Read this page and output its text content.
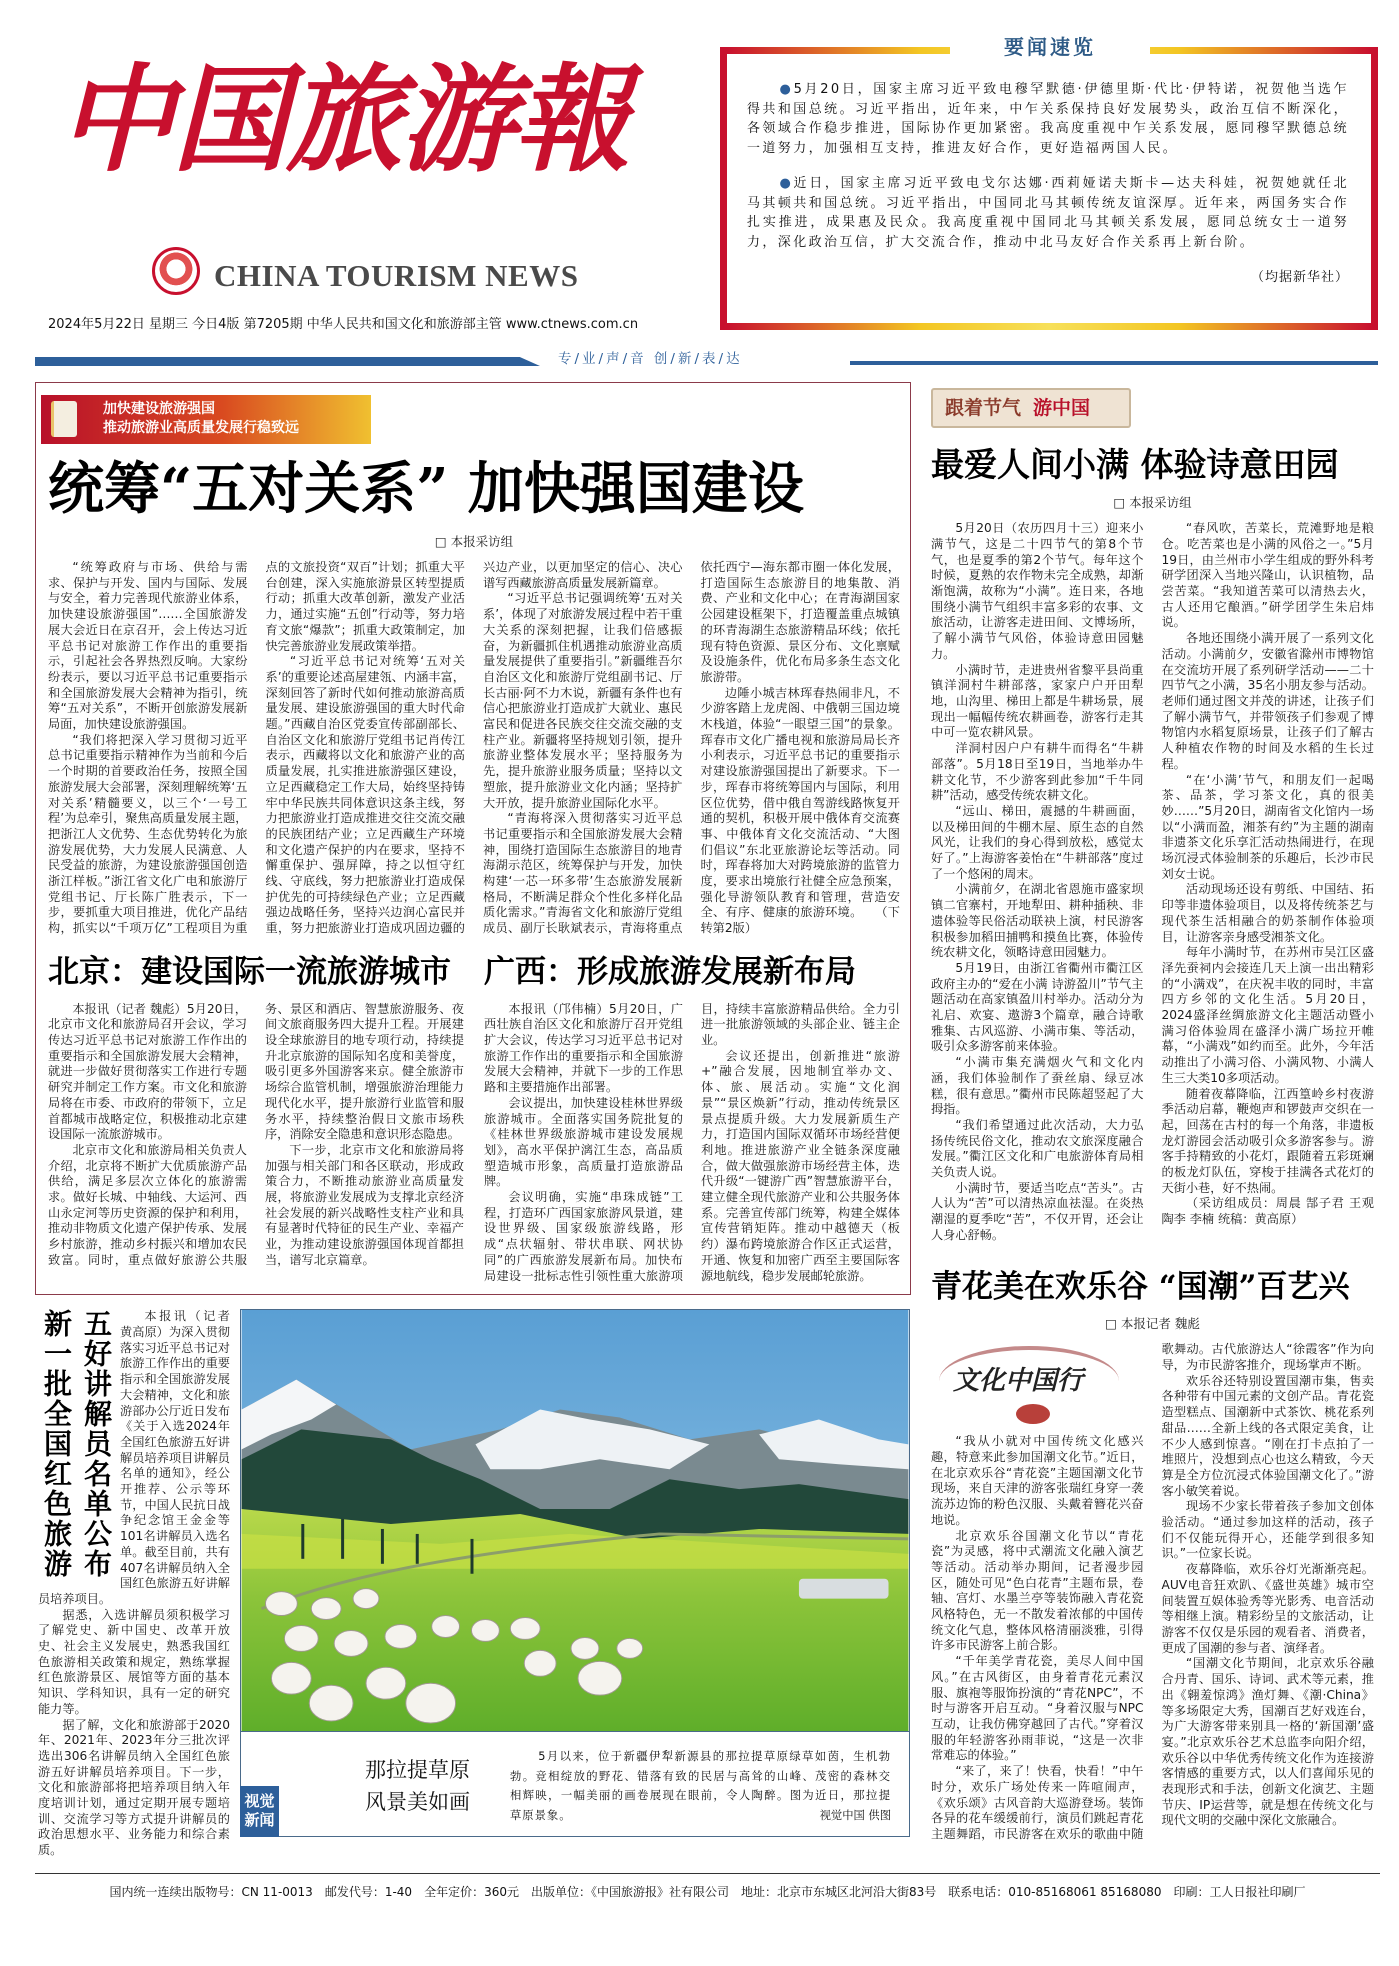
中国旅游報
CHINA TOURISM NEWS
2024年5月22日 星期三 今日4版 第7205期 中华人民共和国文化和旅游部主管 www.ctnews.com.cn

●5月20日，国家主席习近平致电穆罕默德·伊德里斯·代比·伊特诺，祝贺他当选乍得共和国总统。习近平指出，近年来，中乍关系保持良好发展势头，政治互信不断深化，各领域合作稳步推进，国际协作更加紧密。我高度重视中乍关系发展，愿同穆罕默德总统一道努力，加强相互支持，推进友好合作，更好造福两国人民。

●近日，国家主席习近平致电戈尔达娜·西莉娅诺夫斯卡—达夫科娃，祝贺她就任北马其顿共和国总统。习近平指出，中国同北马其顿传统友谊深厚。近年来，两国务实合作扎实推进，成果惠及民众。我高度重视中国同北马其顿关系发展，愿同总统女士一道努力，深化政治互信，扩大交流合作，推动中北马友好合作关系再上新台阶。

（均据新华社）
要闻速览
专/业/声/音 创/新/表/达
加快建设旅游强国
推动旅游业高质量发展行稳致远
统筹“五对关系” 加快强国建设
□ 本报采访组

“统筹政府与市场、供给与需求、保护与开发、国内与国际、发展与安全，着力完善现代旅游业体系，加快建设旅游强国”……全国旅游发展大会近日在京召开，会上传达习近平总书记对旅游工作作出的重要指示，引起社会各界热烈反响。大家纷纷表示，要以习近平总书记重要指示和全国旅游发展大会精神为指引，统筹“五对关系”，不断开创旅游发展新局面，加快建设旅游强国。

“我们将把深入学习贯彻习近平总书记重要指示精神作为当前和今后一个时期的首要政治任务，按照全国旅游发展大会部署，深刻理解统筹‘五对关系’精髓要义，以三个‘一号工程’为总牵引，聚焦高质量发展主题，把浙江人文优势、生态优势转化为旅游发展优势，大力发展人民满意、人民受益的旅游，为建设旅游强国创造浙江样板。”浙江省文化广电和旅游厅党组书记、厅长陈广胜表示，下一步，要抓重大项目推进，优化产品结构，抓实以“千项万亿”工程项目为重点的文旅投资“双百”计划；抓重大平台创建，深入实施旅游景区转型提质行动；抓重大改革创新，激发产业活力，通过实施“五创”行动等，努力培育文旅“爆款”；抓重大政策制定，加快完善旅游业发展政策举措。

“习近平总书记对统筹‘五对关系’的重要论述高屋建瓴、内涵丰富，深刻回答了新时代如何推动旅游高质量发展、建设旅游强国的重大时代命题。”西藏自治区党委宣传部副部长、自治区文化和旅游厅党组书记肖传江表示，西藏将以文化和旅游产业的高质量发展，扎实推进旅游强区建设，立足西藏稳定工作大局，始终坚持铸牢中华民族共同体意识这条主线，努力把旅游业打造成推进交往交流交融的民族团结产业；立足西藏生产环境和文化遗产保护的内在要求，坚持不懈重保护、强屏障，持之以恒守红线、守底线，努力把旅游业打造成保护优先的可持续绿色产业；立足西藏强边战略任务，坚持兴边润心富民并重，努力把旅游业打造成巩固边疆的兴边产业，以更加坚定的信心、决心谱写西藏旅游高质量发展新篇章。

“习近平总书记强调统筹‘五对关系’，体现了对旅游发展过程中若干重大关系的深刻把握，让我们倍感振奋，为新疆抓住机遇推动旅游业高质量发展提供了重要指引。”新疆维吾尔自治区文化和旅游厅党组副书记、厅长古丽·阿不力木说，新疆有条件也有信心把旅游业打造成扩大就业、惠民富民和促进各民族交往交流交融的支柱产业。新疆将坚持规划引领，提升旅游业整体发展水平；坚持服务为先，提升旅游业服务质量；坚持以文塑旅，提升旅游业文化内涵；坚持扩大开放，提升旅游业国际化水平。

“青海将深入贯彻落实习近平总书记重要指示和全国旅游发展大会精神，围绕打造国际生态旅游目的地青海湖示范区，统筹保护与开发，加快构建‘一芯一环多带’生态旅游发展新格局，不断满足群众个性化多样化品质化需求。”青海省文化和旅游厅党组成员、副厅长耿斌表示，青海将重点依托西宁—海东都市圈一体化发展，打造国际生态旅游目的地集散、消费、产业和文化中心；在青海湖国家公园建设框架下，打造覆盖重点城镇的环青海湖生态旅游精品环线；依托现有特色资源、景区分布、文化禀赋及设施条件，优化布局多条生态文化旅游带。

边陲小城吉林珲春热闹非凡，不少游客踏上龙虎阁、中俄朝三国边境木栈道，体验“一眼望三国”的景象。珲春市文化广播电视和旅游局局长齐小利表示，习近平总书记的重要指示对建设旅游强国提出了新要求。下一步，珲春市将统筹国内与国际，利用区位优势，借中俄自驾游线路恢复开通的契机，积极开展中俄体育交流赛事、中俄体育文化交流活动、“大图们倡议”东北亚旅游论坛等活动。同时，珲春将加大对跨境旅游的监管力度，要求出境旅行社健全应急预案，强化导游领队教育和管理，营造安全、有序、健康的旅游环境。　　（下转第2版）

北京：建设国际一流旅游城市

本报讯（记者 魏彪）5月20日，北京市文化和旅游局召开会议，学习传达习近平总书记对旅游工作作出的重要指示和全国旅游发展大会精神，就进一步做好贯彻落实工作进行专题研究并制定工作方案。市文化和旅游局将在市委、市政府的带领下，立足首都城市战略定位，积极推动北京建设国际一流旅游城市。

北京市文化和旅游局相关负责人介绍，北京将不断扩大优质旅游产品供给，满足多层次立体化的旅游需求。做好长城、中轴线、大运河、西山永定河等历史资源的保护和利用，推动非物质文化遗产保护传承、发展乡村旅游，推动乡村振兴和增加农民致富。同时，重点做好旅游公共服务、景区和酒店、智慧旅游服务、夜间文旅商服务四大提升工程。开展建设全球旅游目的地专项行动，持续提升北京旅游的国际知名度和美誉度，吸引更多外国游客来京。健全旅游市场综合监管机制，增强旅游治理能力现代化水平，提升旅游行业监管和服务水平，持续整治假日文旅市场秩序，消除安全隐患和意识形态隐患。

下一步，北京市文化和旅游局将加强与相关部门和各区联动，形成政策合力，不断推动旅游业高质量发展，将旅游业发展成为支撑北京经济社会发展的新兴战略性支柱产业和具有显著时代特征的民生产业、幸福产业，为推动建设旅游强国体现首都担当，谱写北京篇章。

广西：形成旅游发展新布局

本报讯（邝伟楠）5月20日，广西壮族自治区文化和旅游厅召开党组扩大会议，传达学习习近平总书记对旅游工作作出的重要指示和全国旅游发展大会精神，并就下一步的工作思路和主要措施作出部署。

会议提出，加快建设桂林世界级旅游城市。全面落实国务院批复的《桂林世界级旅游城市建设发展规划》，高水平保护漓江生态，高品质塑造城市形象，高质量打造旅游品牌。

会议明确，实施“串珠成链”工程，打造环广西国家旅游风景道，建设世界级、国家级旅游线路，形成“点状辐射、带状串联、网状协同”的广西旅游发展新布局。加快布局建设一批标志性引领性重大旅游项目，持续丰富旅游精品供给。全力引进一批旅游领域的头部企业、链主企业。

会议还提出，创新推进“旅游+”融合发展，因地制宜举办文、体、旅、展活动。实施“文化润景”“景区焕新”行动，推动传统景区景点提质升级。大力发展新质生产力，打造国内国际双循环市场经营便利地。推进旅游产业全链条深度融合，做大做强旅游市场经营主体，迭代升级“一键游广西”智慧旅游平台，建立健全现代旅游产业和公共服务体系。完善宣传部门统筹，构建全媒体宣传营销矩阵。推动中越德天（板约）瀑布跨境旅游合作区正式运营，开通、恢复和加密广西至主要国际客源地航线，稳步发展邮轮旅游。

新一批全国红色旅游 五好讲解员名单公布	本报讯（记者 黄高原）为深入贯彻落实习近平总书记对旅游工作作出的重要指示和全国旅游发展大会精神，文化和旅游部办公厅近日发布《关于入选2024年全国红色旅游五好讲解员培养项目讲解员名单的通知》，经公开推荐、公示等环节，中国人民抗日战争纪念馆王金金等101名讲解员入选名单。截至目前，共有407名讲解员纳入全国红色旅游五好讲解员培养项目。

据悉，入选讲解员须积极学习了解党史、新中国史、改革开放史、社会主义发展史，熟悉我国红色旅游相关政策和规定，熟练掌握红色旅游景区、展馆等方面的基本知识、学科知识，具有一定的研究能力等。

据了解，文化和旅游部于2020年、2021年、2023年分三批次评选出306名讲解员纳入全国红色旅游五好讲解员培养项目。下一步，文化和旅游部将把培养项目纳入年度培训计划，通过定期开展专题培训、交流学习等方式提升讲解员的政治思想水平、业务能力和综合素质。

视觉新闻
那拉提草原
风景美如画
5月以来，位于新疆伊犁新源县的那拉提草原绿草如茵，生机勃勃。竞相绽放的野花、错落有致的民居与高耸的山峰、茂密的森林交相辉映，一幅美丽的画卷展现在眼前，令人陶醉。图为近日，那拉提草原景象。	视觉中国 供图
跟着节气 游中国
最爱人间小满 体验诗意田园
□ 本报采访组

5月20日（农历四月十三）迎来小满节气，这是二十四节气的第8个节气，也是夏季的第2个节气。每年这个时候，夏熟的农作物未完全成熟，却渐渐饱满，故称为“小满”。连日来，各地围绕小满节气组织丰富多彩的农事、文旅活动，让游客走进田间、文博场所，了解小满节气风俗，体验诗意田园魅力。

小满时节，走进贵州省黎平县尚重镇洋洞村牛耕部落，家家户户开田犁地，山沟里、梯田上都是牛耕场景，展现出一幅幅传统农耕画卷，游客行走其中可一览农耕风景。

洋洞村因户户有耕牛而得名“牛耕部落”。5月18日至19日，当地举办牛耕文化节，不少游客到此参加“千牛同耕”活动，感受传统农耕文化。

“远山、梯田，震撼的牛耕画面，以及梯田间的牛棚木屋、原生态的自然风光，让我们的身心得到放松，感觉太好了。”上海游客姜怡在“牛耕部落”度过了一个悠闲的周末。

小满前夕，在湖北省恩施市盛家坝镇二官寨村，开地犁田、耕种插秧、非遗体验等民俗活动联袂上演，村民游客积极参加稻田捕鸭和摸鱼比赛，体验传统农耕文化，领略诗意田园魅力。

5月19日，由浙江省衢州市衢江区政府主办的“爱在小满 诗游盈川”节气主题活动在高家镇盈川村举办。活动分为礼启、欢宴、遨游3个篇章，融合诗歌雅集、古风巡游、小满市集、等活动，吸引众多游客前来体验。

“小满市集充满烟火气和文化内涵，我们体验制作了蚕丝扇、绿豆冰糕，很有意思。”衢州市民陈超竖起了大拇指。

“我们希望通过此次活动，大力弘扬传统民俗文化，推动农文旅深度融合发展。”衢江区文化和广电旅游体育局相关负责人说。

小满时节，要适当吃点“苦头”。古人认为“苦”可以清热凉血祛湿。在炎热潮湿的夏季吃“苦”，不仅开胃，还会让人身心舒畅。

“春风吹，苦菜长，荒滩野地是粮仓。吃苦菜也是小满的风俗之一。”5月19日，由兰州市小学生组成的野外科考研学团深入当地兴隆山，认识植物，品尝苦菜。“我知道苦菜可以清热去火，古人还用它酿酒。”研学团学生朱启炜说。

各地还围绕小满开展了一系列文化活动。小满前夕，安徽省滁州市博物馆在交流坊开展了系列研学活动——二十四节气之小满，35名小朋友参与活动。老师们通过图文并茂的讲述，让孩子们了解小满节气，并带领孩子们参观了博物馆内水稻复原场景，让孩子们了解古人种植农作物的时间及水稻的生长过程。

“在‘小满’节气，和朋友们一起喝茶、品茶，学习茶文化，真的很美妙……”5月20日，湖南省文化馆内一场以“小满而盈，湘茶有约”为主题的湖南非遗茶文化乐享汇活动热闹进行，在现场沉浸式体验制茶的乐趣后，长沙市民刘女士说。

活动现场还设有剪纸、中国结、拓印等非遗体验项目，以及将传统茶艺与现代茶生活相融合的奶茶制作体验项目，让游客亲身感受湘茶文化。

每年小满时节，在苏州市吴江区盛泽先蚕祠内会接连几天上演一出出精彩的“小满戏”，在庆祝丰收的同时，丰富四方乡邻的文化生活。5月20日，2024盛泽丝绸旅游文化主题活动暨小满习俗体验周在盛泽小满广场拉开帷幕，“小满戏”如约而至。此外，今年活动推出了小满习俗、小满风物、小满人生三大类10多项活动。

随着夜幕降临，江西篁岭乡村夜游季活动启幕，鞭炮声和锣鼓声交织在一起，回荡在古村的每一个角落，非遗板龙灯游园会活动吸引众多游客参与。游客手持精致的小花灯，跟随着五彩斑斓的板龙灯队伍，穿梭于挂满各式花灯的天街小巷，好不热闹。

（采访组成员：周晨 郜子君 王观 陶李 李楠 统稿：黄高原）

青花美在欢乐谷 “国潮”百艺兴
□ 本报记者 魏彪
文化中国行

“我从小就对中国传统文化感兴趣，特意来此参加国潮文化节。”近日，在北京欢乐谷“青花瓷”主题国潮文化节现场，来自天津的游客张瑞红身穿一袭流苏边饰的粉色汉服、头戴着簪花兴奋地说。

北京欢乐谷国潮文化节以“青花瓷”为灵感，将中式潮流文化融入演艺等活动。活动举办期间，记者漫步园区，随处可见“色白花青”主题布景，卷轴、宫灯、水墨兰亭等装饰融入青花瓷风格特色，无一不散发着浓郁的中国传统文化气息，整体风格清丽淡雅，引得许多市民游客上前合影。

“千年美学青花瓷，美尽人间中国风。”在古风街区，由身着青花元素汉服、旗袍等服饰扮演的“青花NPC”，不时与游客开启互动。“身着汉服与NPC互动，让我仿佛穿越回了古代。”穿着汉服的年轻游客孙雨菲说，“这是一次非常难忘的体验。”

“来了，来了！快看，快看！”中午时分，欢乐广场处传来一阵喧闹声，《欢乐颂》古风音韵大巡游登场。装饰各异的花车缓缓前行，演员们跳起青花主题舞蹈，市民游客在欢乐的歌曲中随歌舞动。古代旅游达人“徐霞客”作为向导，为市民游客推介，现场掌声不断。

欢乐谷还特别设置国潮市集，售卖各种带有中国元素的文创产品。青花瓷造型糕点、国潮新中式茶饮、桃花系列甜品……全新上线的各式限定美食，让不少人感到惊喜。“刚在打卡点拍了一堆照片，没想到点心也这么精致，今天算是全方位沉浸式体验国潮文化了。”游客小敏笑着说。

现场不少家长带着孩子参加文创体验活动。“通过参加这样的活动，孩子们不仅能玩得开心，还能学到很多知识。”一位家长说。

夜幕降临，欢乐谷灯光渐渐亮起。AUV电音狂欢趴、《盛世英雄》城市空间装置互娱体验秀等光影秀、电音活动等相继上演。精彩纷呈的文旅活动，让游客不仅仅是乐园的观看者、消费者，更成了国潮的参与者、演绎者。

“国潮文化节期间，北京欢乐谷融合丹青、国乐、诗词、武术等元素，推出《翱羞惊鸿》渔灯舞、《潮·China》等多场限定大秀，国潮百艺好戏连台，为广大游客带来别具一格的‘新国潮’盛宴。”北京欢乐谷艺术总监李向阳介绍，欢乐谷以中华优秀传统文化作为连接游客情感的重要方式，以人们喜闻乐见的表现形式和手法，创新文化演艺、主题节庆、IP运营等，就是想在传统文化与现代文明的交融中深化文旅融合。

国内统一连续出版物号：CN 11-0013 邮发代号：1-40 全年定价：360元 出版单位：《中国旅游报》社有限公司 地址：北京市东城区北河沿大街83号 联系电话：010-85168061 85168080 印刷：工人日报社印刷厂
